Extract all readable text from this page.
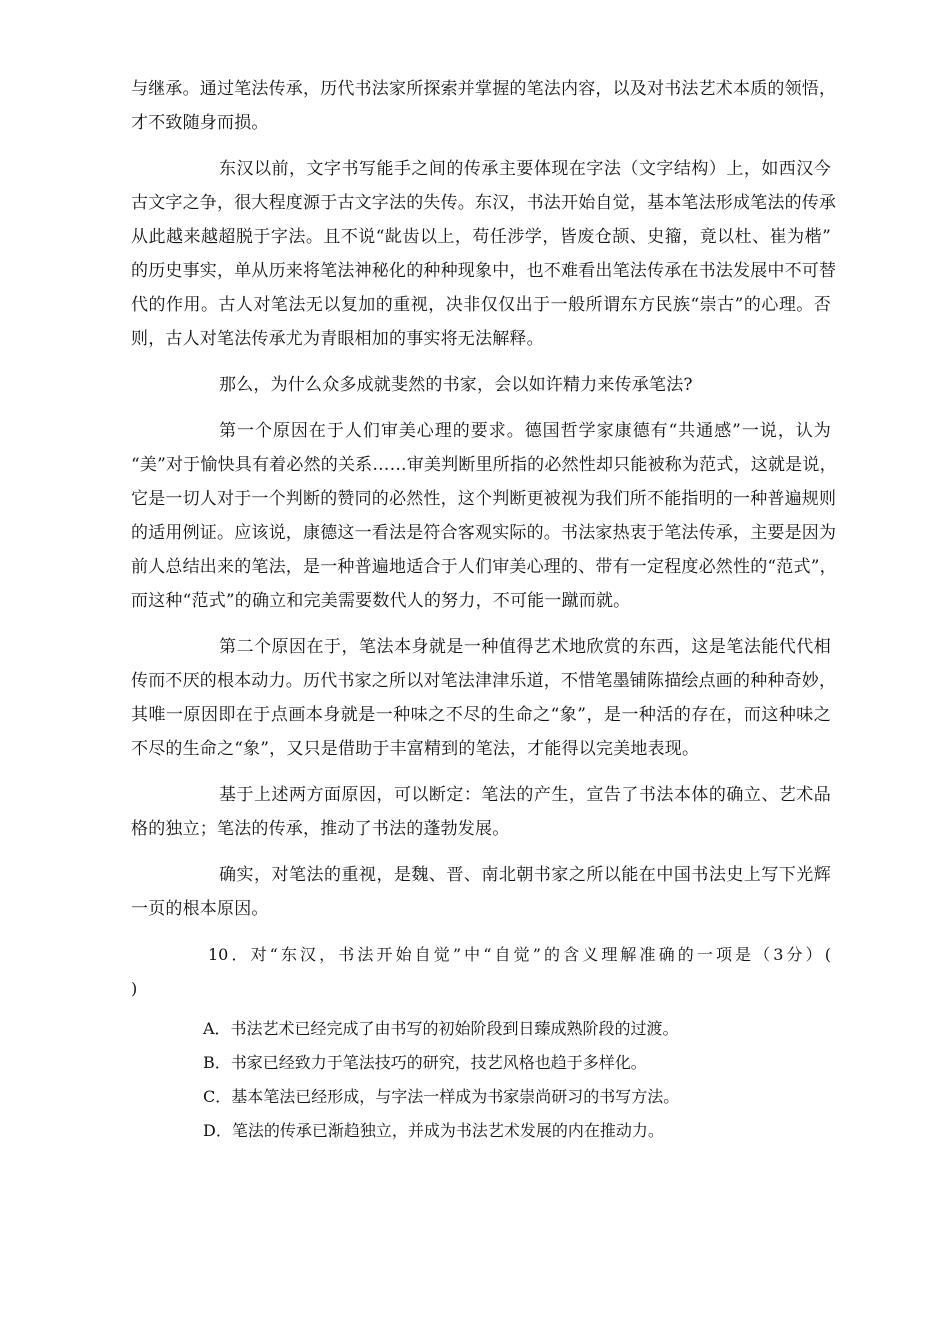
与继承。通过笔法传承，历代书法家所探索并掌握的笔法内容，以及对书法艺术本质的领悟，
才不致随身而损。
东汉以前，文字书写能手之间的传承主要体现在字法（文字结构）上，如西汉今
古文字之争，很大程度源于古文字法的失传。东汉，书法开始自觉，基本笔法形成笔法的传承
从此越来越超脱于字法。且不说“龀齿以上，苟任涉学，皆废仓颉、史籀，竟以杜、崔为楷”
的历史事实，单从历来将笔法神秘化的种种现象中，也不难看出笔法传承在书法发展中不可替
代的作用。古人对笔法无以复加的重视，决非仅仅出于一般所谓东方民族“崇古”的心理。否
则，古人对笔法传承尤为青眼相加的事实将无法解释。
那么，为什么众多成就斐然的书家，会以如许精力来传承笔法?
第一个原因在于人们审美心理的要求。德国哲学家康德有“共通感”一说，认为
“美”对于愉快具有着必然的关系……审美判断里所指的必然性却只能被称为范式，这就是说，
它是一切人对于一个判断的赞同的必然性，这个判断更被视为我们所不能指明的一种普遍规则
的适用例证。应该说，康德这一看法是符合客观实际的。书法家热衷于笔法传承，主要是因为
前人总结出来的笔法，是一种普遍地适合于人们审美心理的、带有一定程度必然性的“范式”，
而这种“范式”的确立和完美需要数代人的努力，不可能一蹴而就。
第二个原因在于，笔法本身就是一种值得艺术地欣赏的东西，这是笔法能代代相
传而不厌的根本动力。历代书家之所以对笔法津津乐道，不惜笔墨铺陈描绘点画的种种奇妙，
其唯一原因即在于点画本身就是一种味之不尽的生命之“象”，是一种活的存在，而这种味之
不尽的生命之“象”，又只是借助于丰富精到的笔法，才能得以完美地表现。
基于上述两方面原因，可以断定：笔法的产生，宣告了书法本体的确立、艺术品
格的独立；笔法的传承，推动了书法的蓬勃发展。
确实，对笔法的重视，是魏、晋、南北朝书家之所以能在中国书法史上写下光辉
一页的根本原因。
10．对“东汉，书法开始自觉”中“自觉”的含义理解准确的一项是（3分）(
)
A．书法艺术已经完成了由书写的初始阶段到日臻成熟阶段的过渡。
B．书家已经致力于笔法技巧的研究，技艺风格也趋于多样化。
C．基本笔法已经形成，与字法一样成为书家崇尚研习的书写方法。
D．笔法的传承已渐趋独立，并成为书法艺术发展的内在推动力。
